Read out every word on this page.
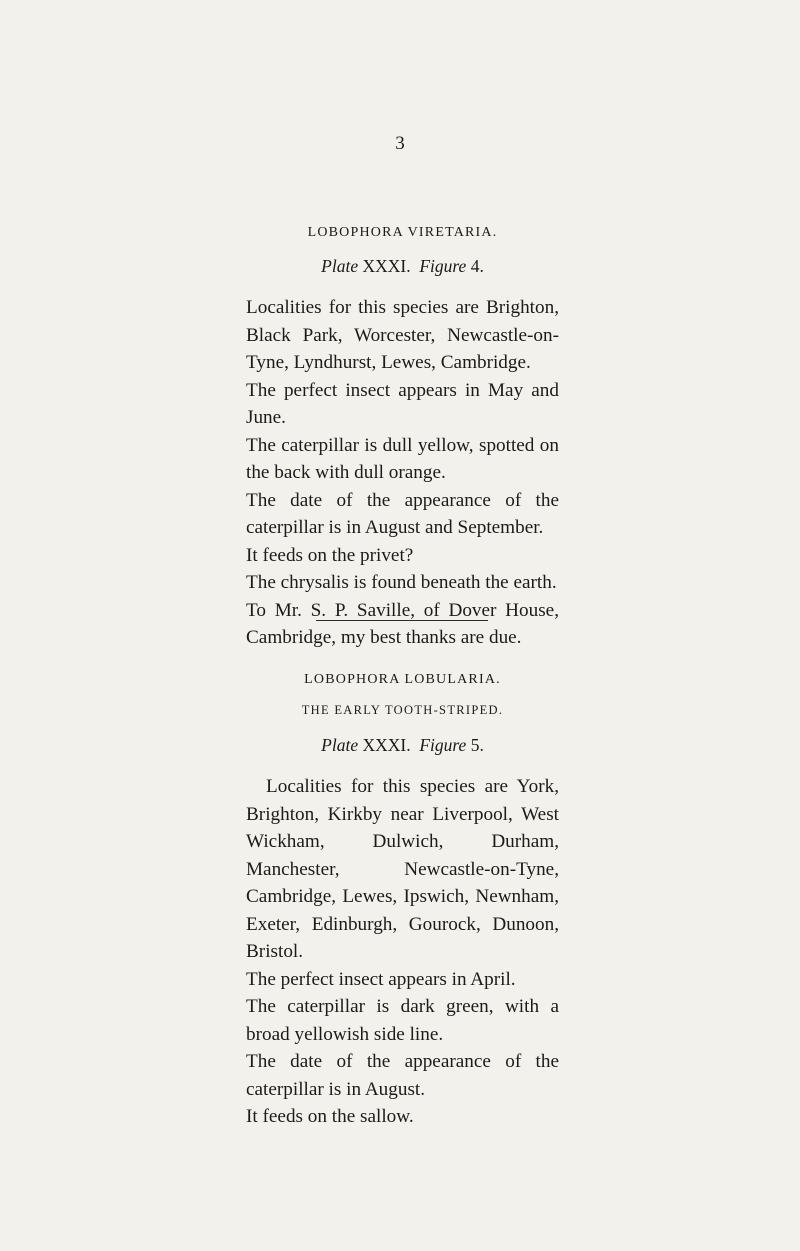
3
LOBOPHORA VIRETARIA.
Plate XXXI. Figure 4.

Localities for this species are Brighton, Black Park, Worcester, Newcastle-on-Tyne, Lyndhurst, Lewes, Cambridge.

The perfect insect appears in May and June.

The caterpillar is dull yellow, spotted on the back with dull orange.

The date of the appearance of the caterpillar is in August and September.

It feeds on the privet?

The chrysalis is found beneath the earth.

To Mr. S. P. Saville, of Dover House, Cambridge, my best thanks are due.

LOBOPHORA LOBULARIA.
THE EARLY TOOTH-STRIPED.
Plate XXXI. Figure 5.

Localities for this species are York, Brighton, Kirkby near Liverpool, West Wickham, Dulwich, Durham, Manchester, Newcastle-on-Tyne, Cambridge, Lewes, Ipswich, Newnham, Exeter, Edinburgh, Gourock, Dunoon, Bristol.

The perfect insect appears in April.

The caterpillar is dark green, with a broad yellowish side line.

The date of the appearance of the caterpillar is in August.

It feeds on the sallow.
